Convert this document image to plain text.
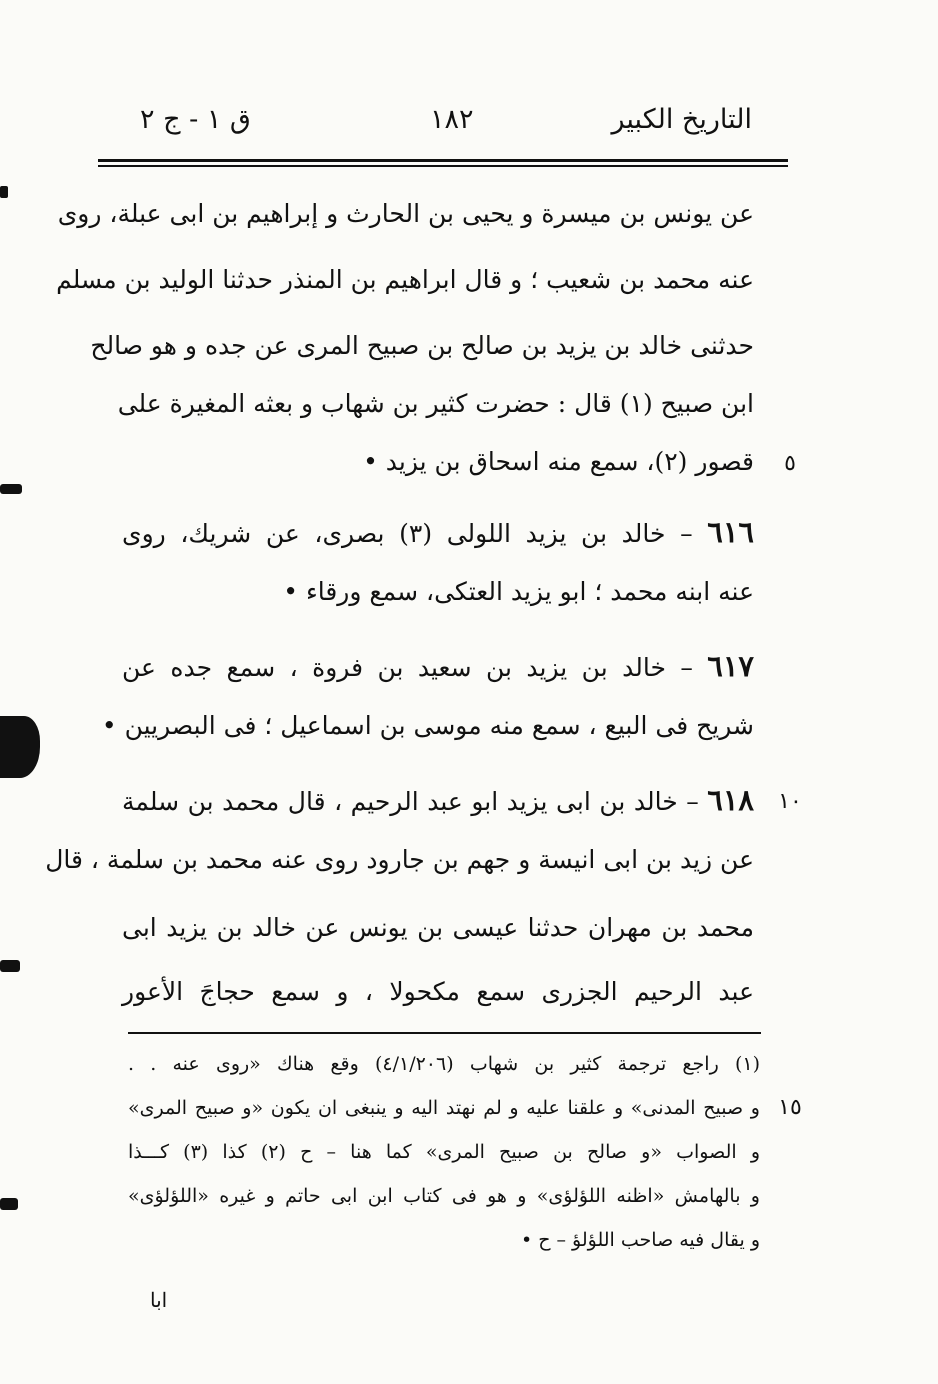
التاريخ الكبير
١٨٢
ق ١ - ج ٢
عن يونس بن ميسرة و يحيى بن الحارث و إبراهيم بن ابى عبلة، روى
عنه محمد بن شعيب ؛ و قال ابراهيم بن المنذر حدثنا الوليد بن مسلم
حدثنى خالد بن يزيد بن صالح بن صبيح المرى عن جده و هو صالح
ابن صبيح (١) قال : حضرت كثير بن شهاب و بعثه المغيرة على
قصور (٢)، سمع منه اسحاق بن يزيد •	٥
٦١٦ – خالد بن يزيد اللولى (٣) بصرى، عن شريك، روى
عنه ابنه محمد ؛ ابو يزيد العتكى، سمع ورقاء •
٦١٧ – خالد بن يزيد بن سعيد بن فروة ، سمع جده عن
شريح فى البيع ، سمع منه موسى بن اسماعيل ؛ فى البصريين •
٦١٨ – خالد بن ابى يزيد ابو عبد الرحيم ، قال محمد بن سلمة	١٠
عن زيد بن ابى انيسة و جهم بن جارود روى عنه محمد بن سلمة ، قال
محمد بن مهران حدثنا عيسى بن يونس عن خالد بن يزيد ابى
عبد الرحيم الجزرى سمع مكحولا ، و سمع حجاجَ الأعور
(١) راجع ترجمة كثير بن شهاب (٤/١/٢٠٦) وقع هناك «روى عنه . .
و صبيح المدنى» و علقنا عليه و لم نهتد اليه و ينبغى ان يكون «و صبيح المرى» ١٥
و الصواب «و صالح بن صبيح المرى» كما هنا – ح (٢) كذا (٣) كـــذا
و بالهامش «اظنه اللؤلؤى» و هو فى كتاب ابن ابى حاتم و غيره «اللؤلؤى»
و يقال فيه صاحب اللؤلؤ – ح •
ابا
